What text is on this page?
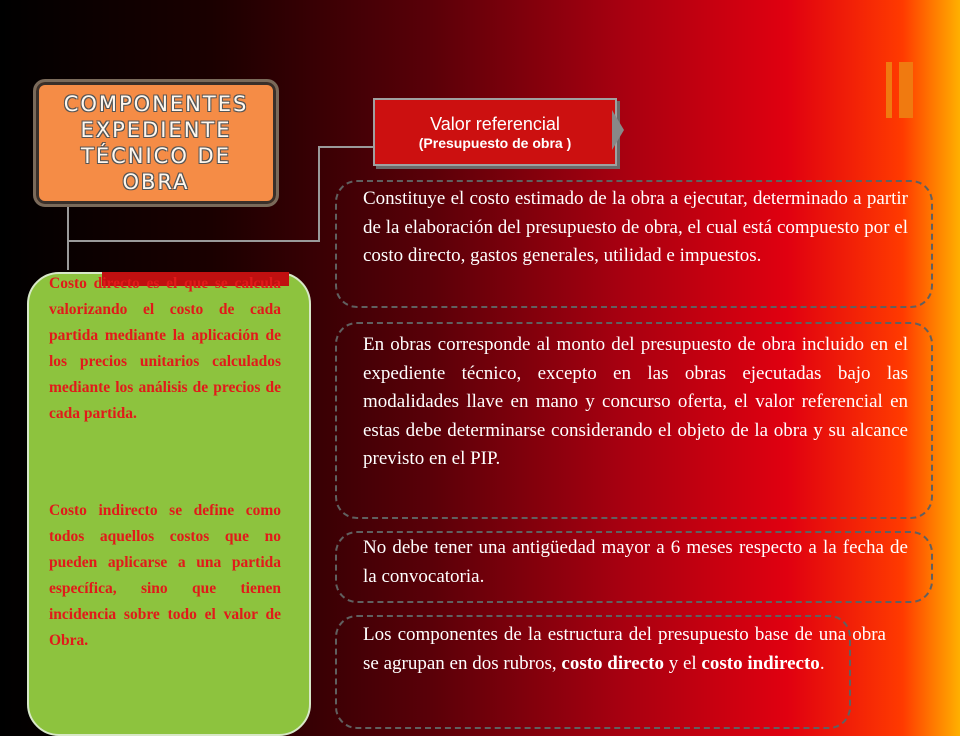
COMPONENTES
EXPEDIENTE
TÉCNICO DE
OBRA
Valor referencial
(Presupuesto de obra )
Costo directo es el que se calcula valorizando el costo de cada partida mediante la aplicación de los precios unitarios calculados mediante los análisis de precios de cada partida.
Costo indirecto se define como todos aquellos costos que no pueden aplicarse a una partida específica, sino que tienen incidencia sobre todo el valor de Obra.
Constituye el costo estimado de la obra a ejecutar, determinado a partir de la elaboración del presupuesto de obra, el cual está compuesto por el costo directo, gastos generales, utilidad e impuestos.
En obras corresponde al monto del presupuesto de obra incluido en el expediente técnico, excepto en las obras ejecutadas bajo las modalidades llave en mano y concurso oferta, el valor referencial en estas debe determinarse considerando el objeto de la obra y su alcance previsto en el PIP.
No debe tener una antigüedad mayor a 6 meses respecto a la fecha de la convocatoria.
Los componentes de la estructura del presupuesto base de una obra se agrupan en dos rubros, costo directo y el costo indirecto.
